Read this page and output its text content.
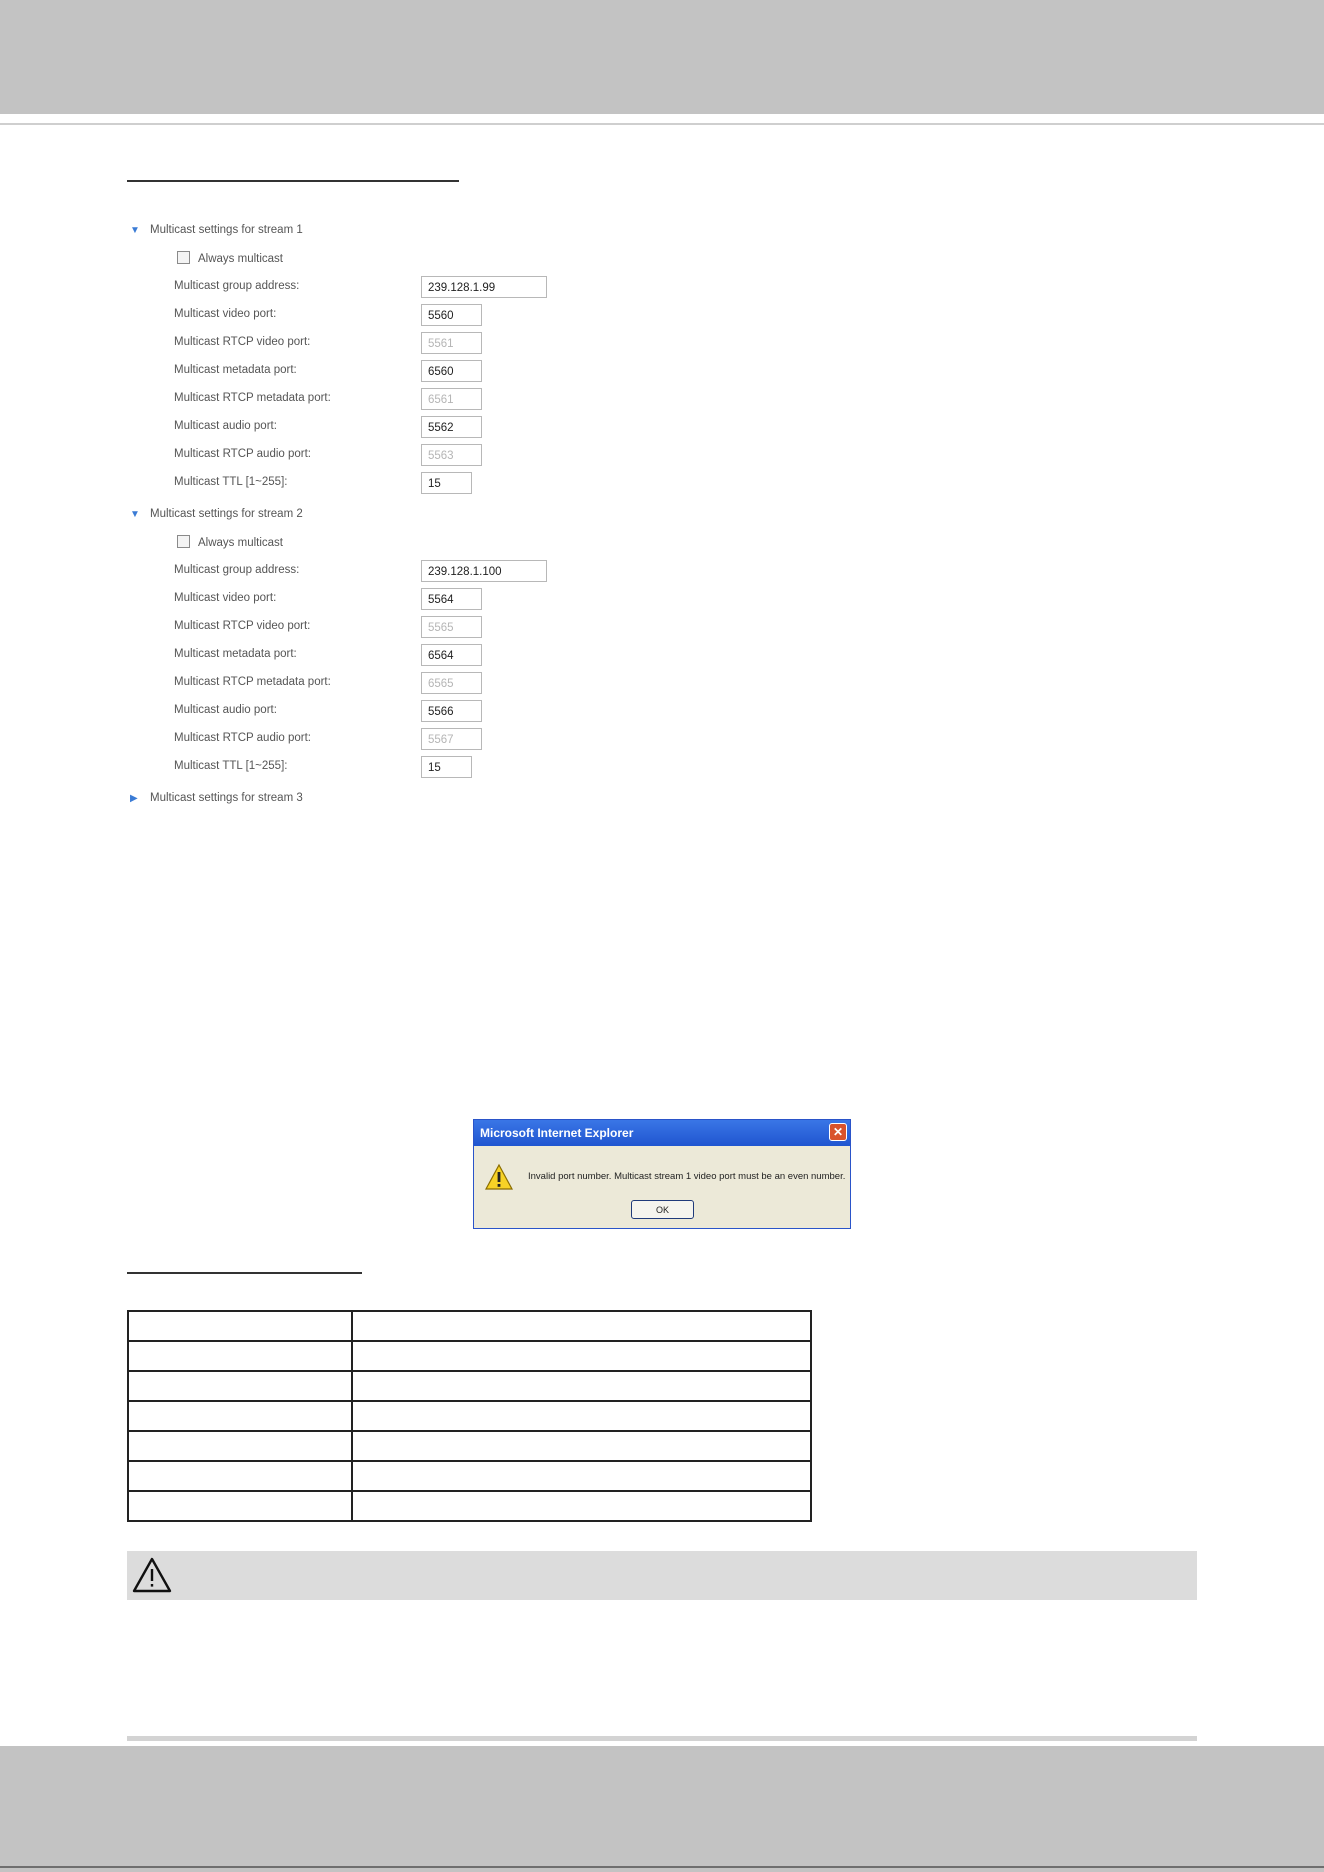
▼ Multicast settings for stream 1
Always multicast
Multicast group address:	239.128.1.99
Multicast video port:	5560
Multicast RTCP video port:	5561
Multicast metadata port:	6560
Multicast RTCP metadata port:	6561
Multicast audio port:	5562
Multicast RTCP audio port:	5563
Multicast TTL [1~255]:	15
▼ Multicast settings for stream 2
Always multicast
Multicast group address:	239.128.1.100
Multicast video port:	5564
Multicast RTCP video port:	5565
Multicast metadata port:	6564
Multicast RTCP metadata port:	6565
Multicast audio port:	5566
Multicast RTCP audio port:	5567
Multicast TTL [1~255]:	15
▶ Multicast settings for stream 3
Microsoft Internet Explorer	✕
Invalid port number. Multicast stream 1 video port must be an even number.
OK
